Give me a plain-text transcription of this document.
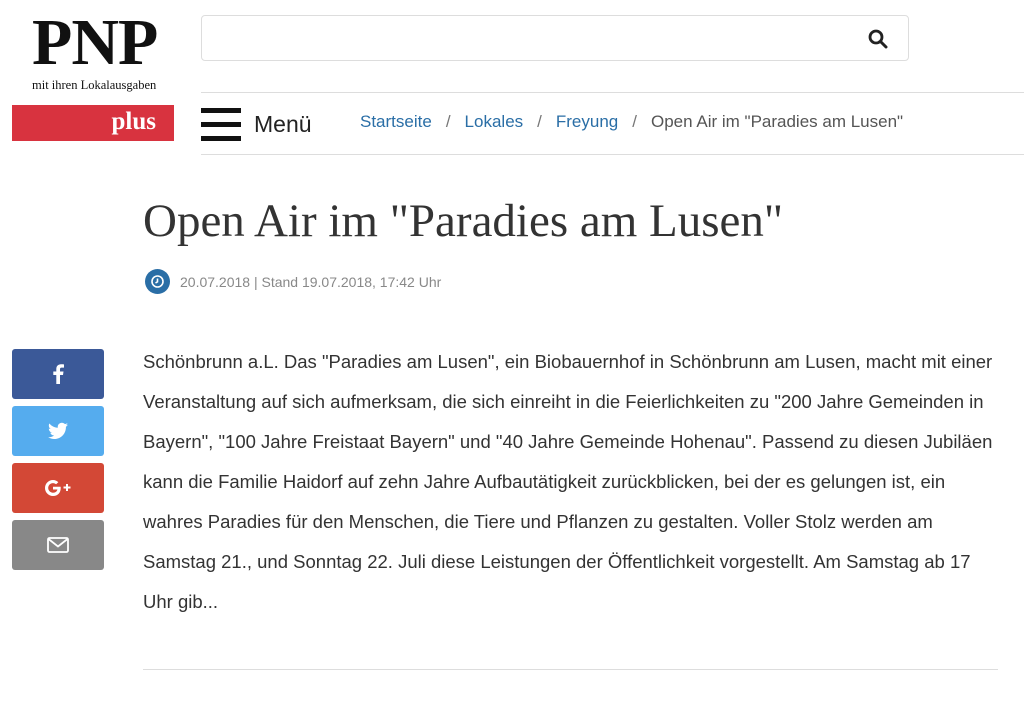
PNP
mit ihren Lokalausgaben
plus	Menü	Startseite / Lokales / Freyung / Open Air im "Paradies am Lusen"
Open Air im "Paradies am Lusen"
20.07.2018 | Stand 19.07.2018, 17:42 Uhr

Schönbrunn a.L. Das "Paradies am Lusen", ein Biobauernhof in Schönbrunn am Lusen, macht mit einer Veranstaltung auf sich aufmerksam, die sich einreiht in die Feierlichkeiten zu "200 Jahre Gemeinden in Bayern", "100 Jahre Freistaat Bayern" und "40 Jahre Gemeinde Hohenau". Passend zu diesen Jubiläen kann die Familie Haidorf auf zehn Jahre Aufbautätigkeit zurückblicken, bei der es gelungen ist, ein wahres Paradies für den Menschen, die Tiere und Pflanzen zu gestalten. Voller Stolz werden am Samstag 21., und Sonntag 22. Juli diese Leistungen der Öffentlichkeit vorgestellt. Am Samstag ab 17 Uhr gib...
